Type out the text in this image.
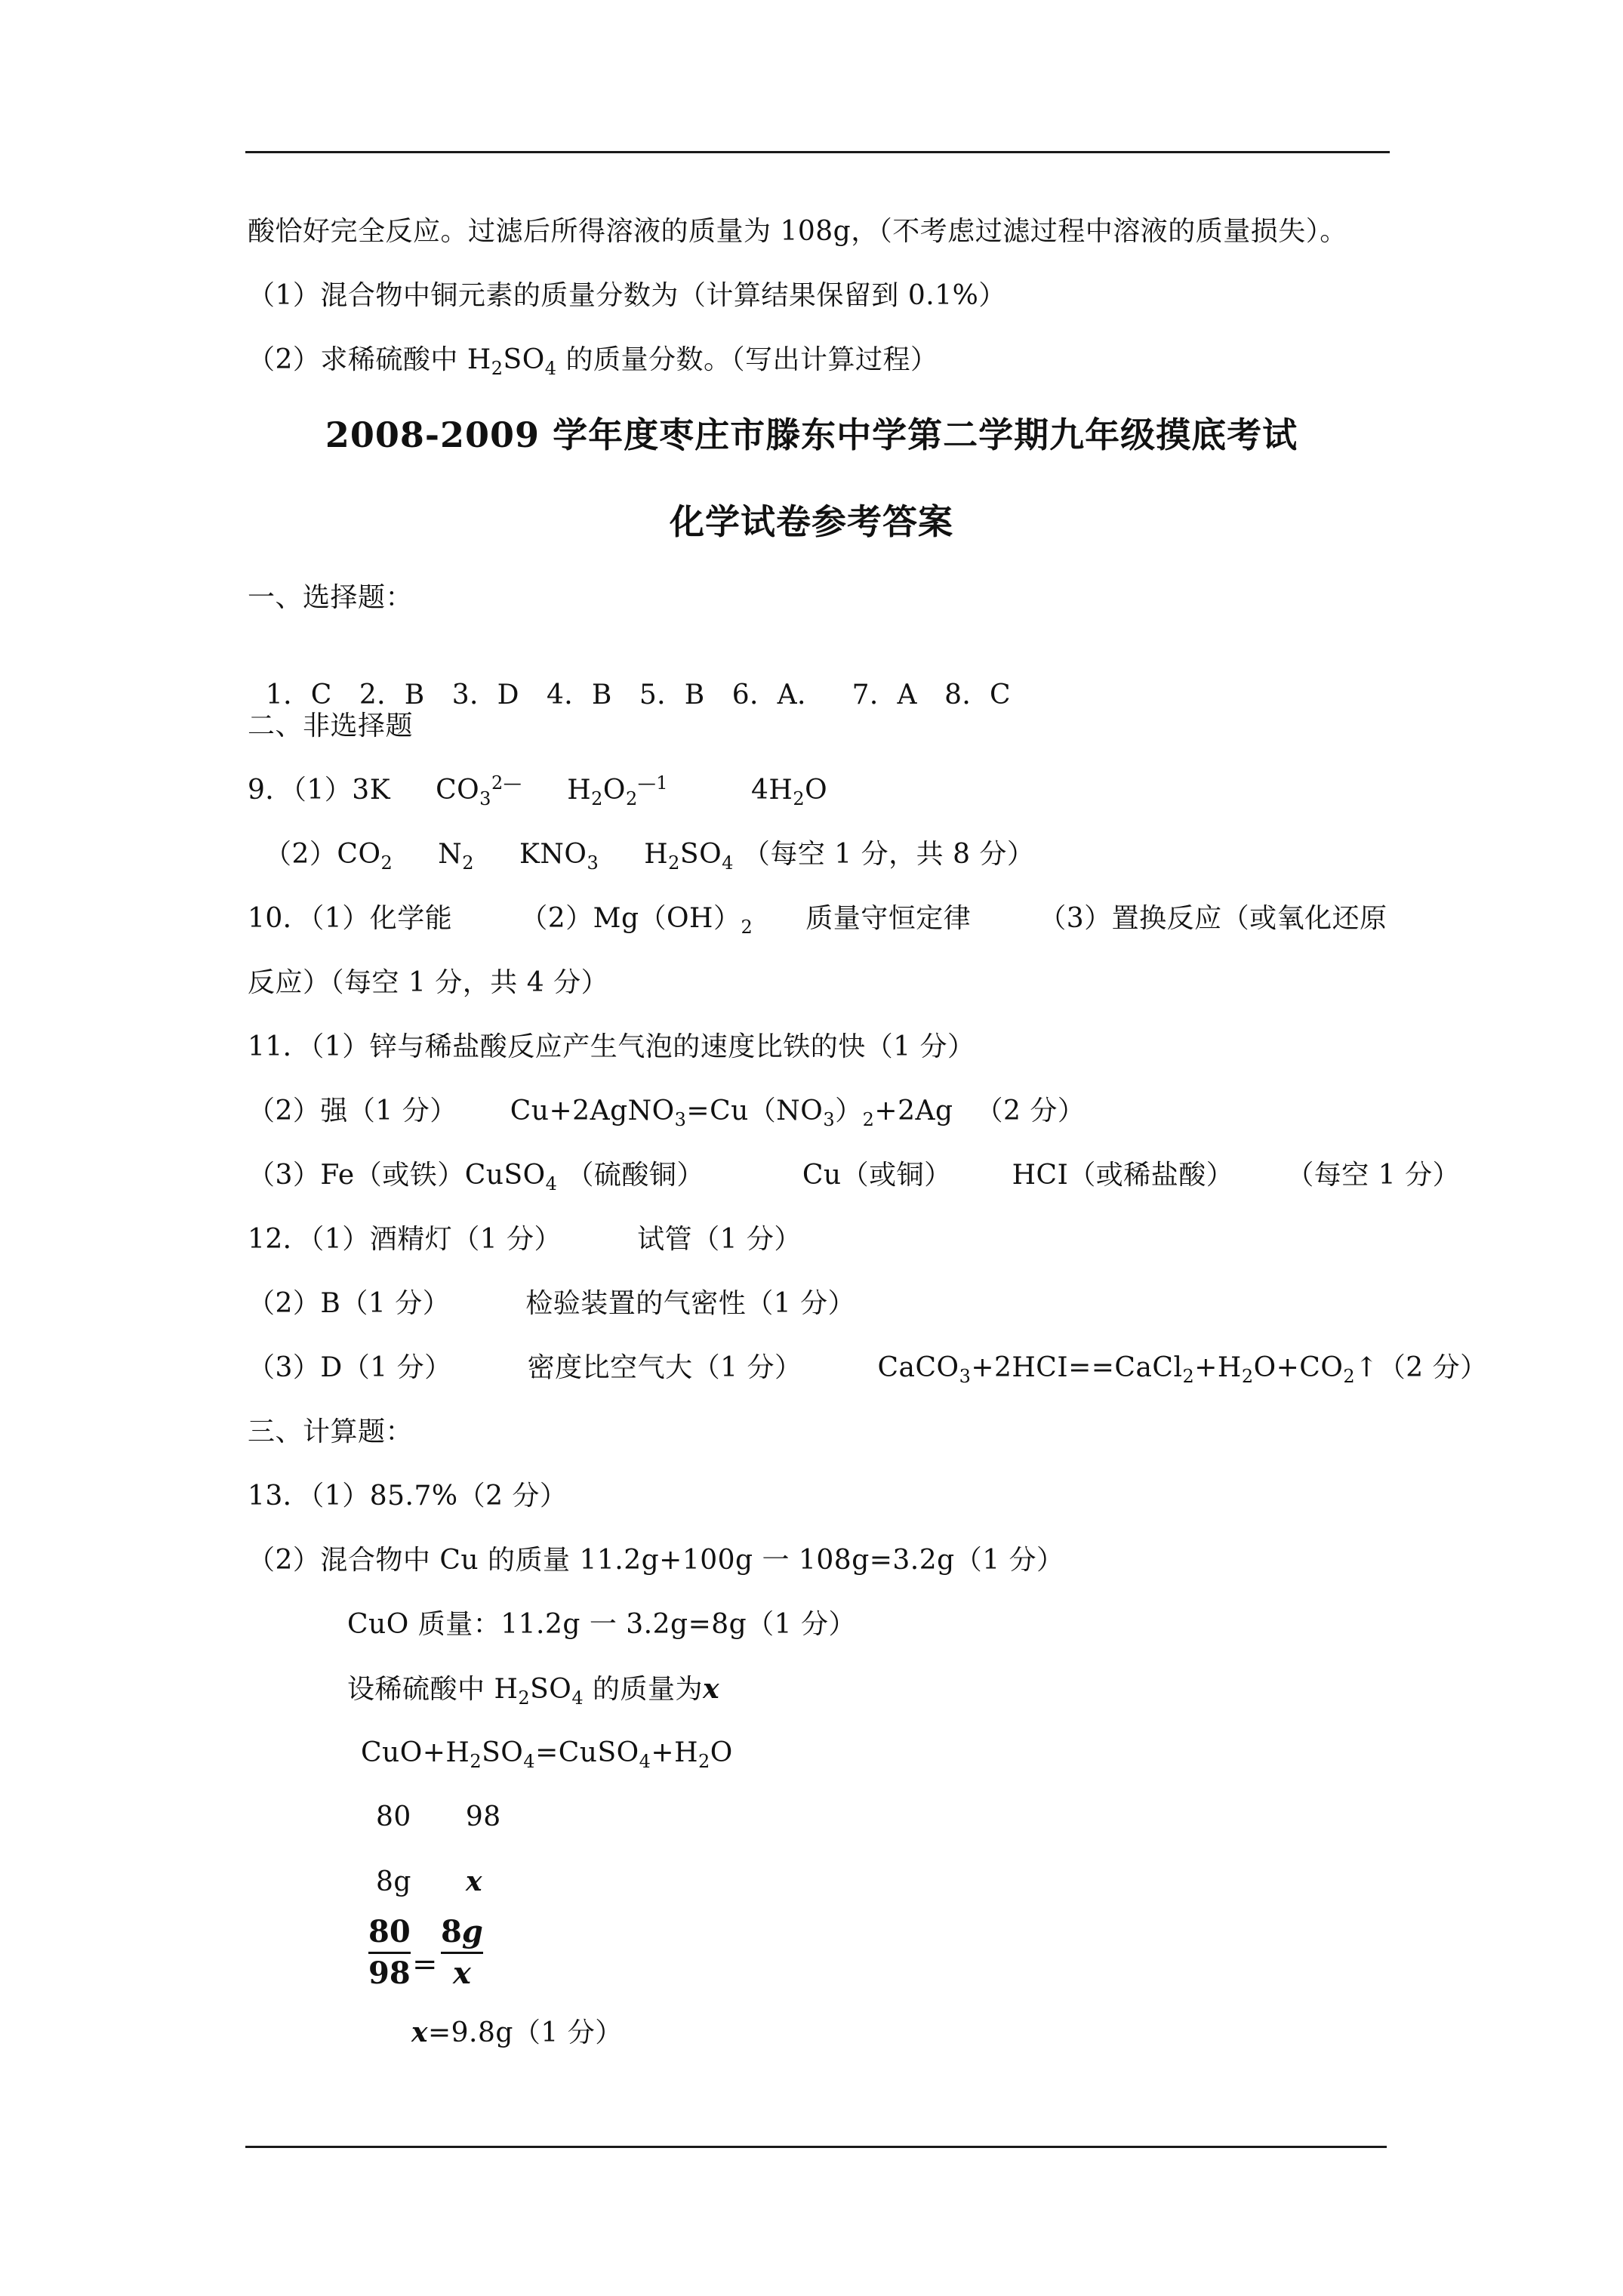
酸恰好完全反应。过滤后所得溶液的质量为 108g，（不考虑过滤过程中溶液的质量损失）。
（1）混合物中铜元素的质量分数为（计算结果保留到 0.1%）
（2）求稀硫酸中 $H_2SO_4$ 的质量分数。（写出计算过程）
2008-2009 学年度枣庄市滕东中学第二学期九年级摸底考试
化学试卷参考答案
一、选择题：

1．C 2．B 3．D 4．B 5．B 6．A． 7．A 8．C

二、非选择题
9．（1）3K $CO_3^{2—}$ $H_2O_2^{—1}$	$4H_2O$
$(2)CO_2$ $N_2$ $KNO_3$ $H_2SO_4$ （每空 1 分，共 8 分）
10．（1）化学能	$(2)Mg(OH)_2$ 质量守恒定律	（3）置换反应（或氧化还原
反应）（每空 1 分，共 4 分）
11．（1）锌与稀盐酸反应产生气泡的速度比铁的快（1 分）
（2）强（1 分） $Cu+2AgNO_3=Cu(NO_3)_2+2Ag$ （2 分）
（3）Fe（或铁）CuSO$_4$ （硫酸铜）	Cu（或铜） HCI（或稀盐酸） （每空 1 分）
12．（1）酒精灯（1 分）	试管（1 分）
（2）B（1 分）	检验装置的气密性（1 分）
（3）D（1 分）	密度比空气大（1 分）	$CaCO_3+2HCI==CaCl_2+H_2O+CO_2↑(2$ 分）
三、计算题：
13．（1）85.7%（2 分）
（2）混合物中 Cu 的质量 11.2g+100g 一 108g=3.2g（1 分）
CuO 质量：11.2g 一 3.2g=8g（1 分）
设稀硫酸中 $H_2SO_4$ 的质量为x
$CuO+H_2SO_4=CuSO_4+H_2O$
80 98
8g x
80
98 =
8g
x
x=9.8g（1 分）
